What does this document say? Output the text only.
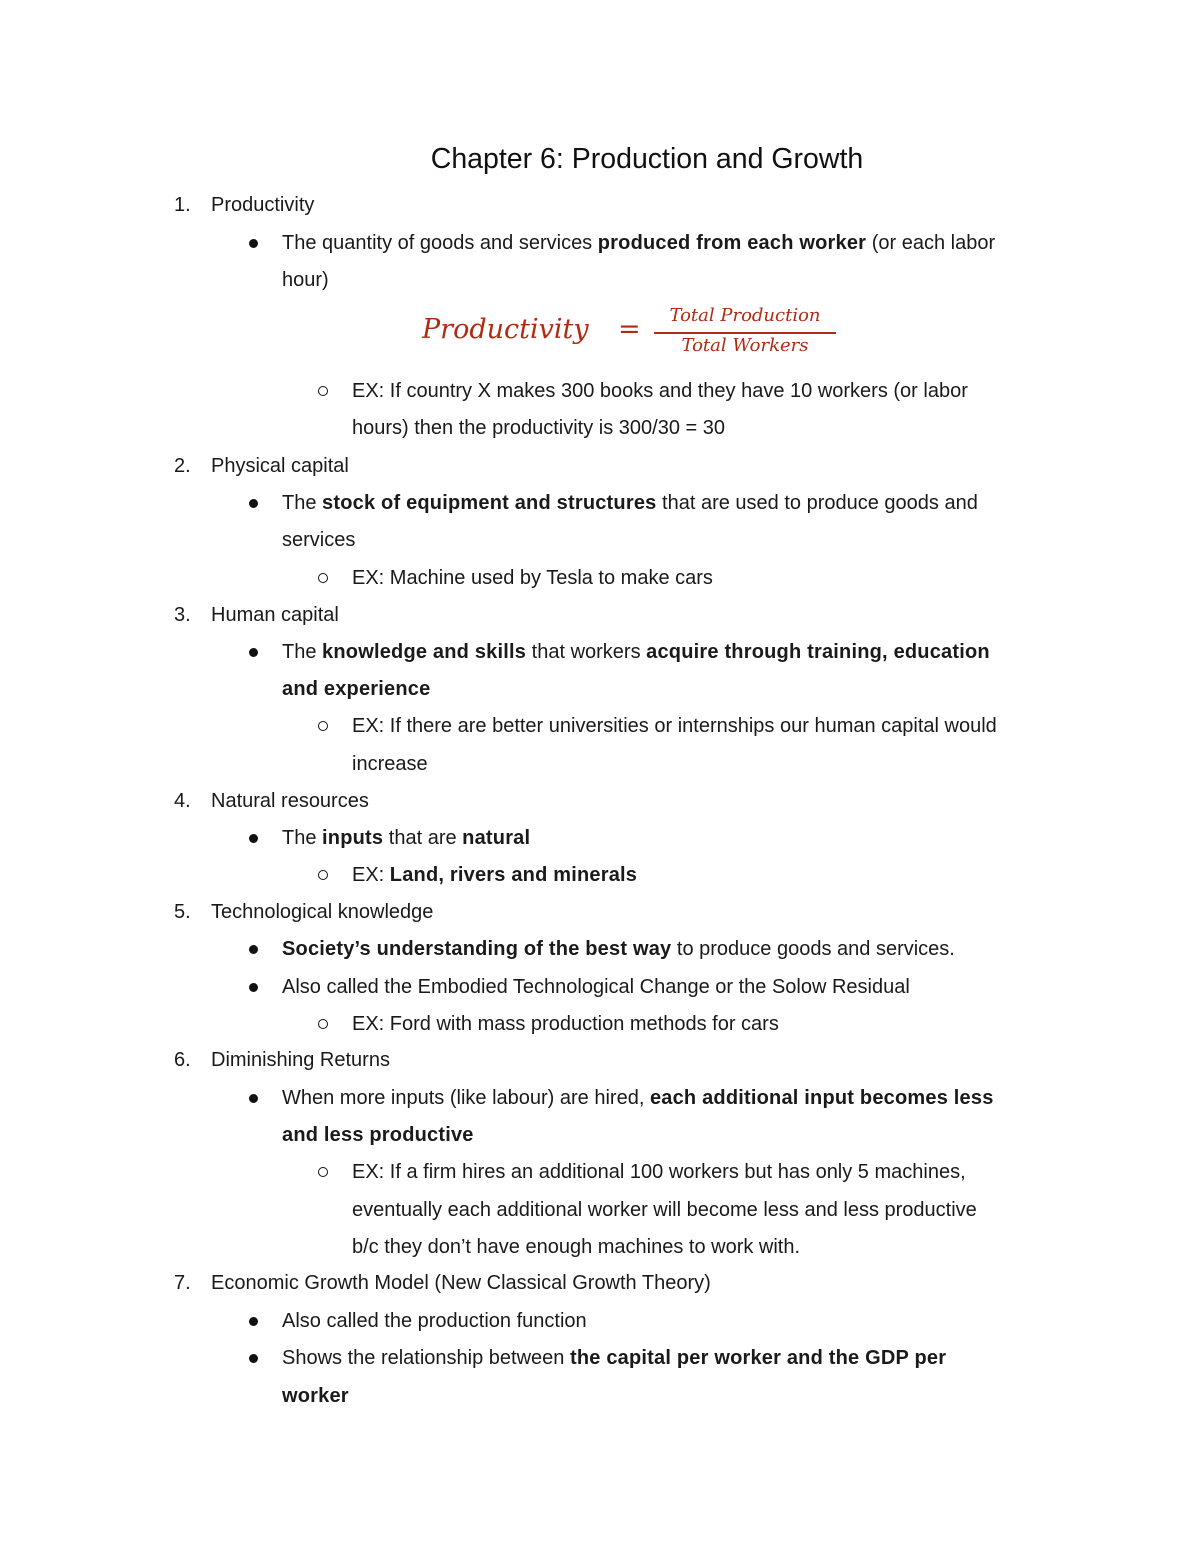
Chapter 6: Production and Growth
1. Productivity
The quantity of goods and services produced from each worker (or each labor
hour)
Productivity =	Total Production
Total Workers
EX: If country X makes 300 books and they have 10 workers (or labor
hours) then the productivity is 300/30 = 30
2. Physical capital
The stock of equipment and structures that are used to produce goods and
services
EX: Machine used by Tesla to make cars
3. Human capital
The knowledge and skills that workers acquire through training, education
and experience
EX: If there are better universities or internships our human capital would
increase
4. Natural resources
The inputs that are natural
EX: Land, rivers and minerals
5. Technological knowledge
Society’s understanding of the best way to produce goods and services.
Also called the Embodied Technological Change or the Solow Residual
EX: Ford with mass production methods for cars
6. Diminishing Returns
When more inputs (like labour) are hired, each additional input becomes less
and less productive
EX: If a firm hires an additional 100 workers but has only 5 machines,
eventually each additional worker will become less and less productive
b/c they don’t have enough machines to work with.
7. Economic Growth Model (New Classical Growth Theory)
Also called the production function
Shows the relationship between the capital per worker and the GDP per
worker
